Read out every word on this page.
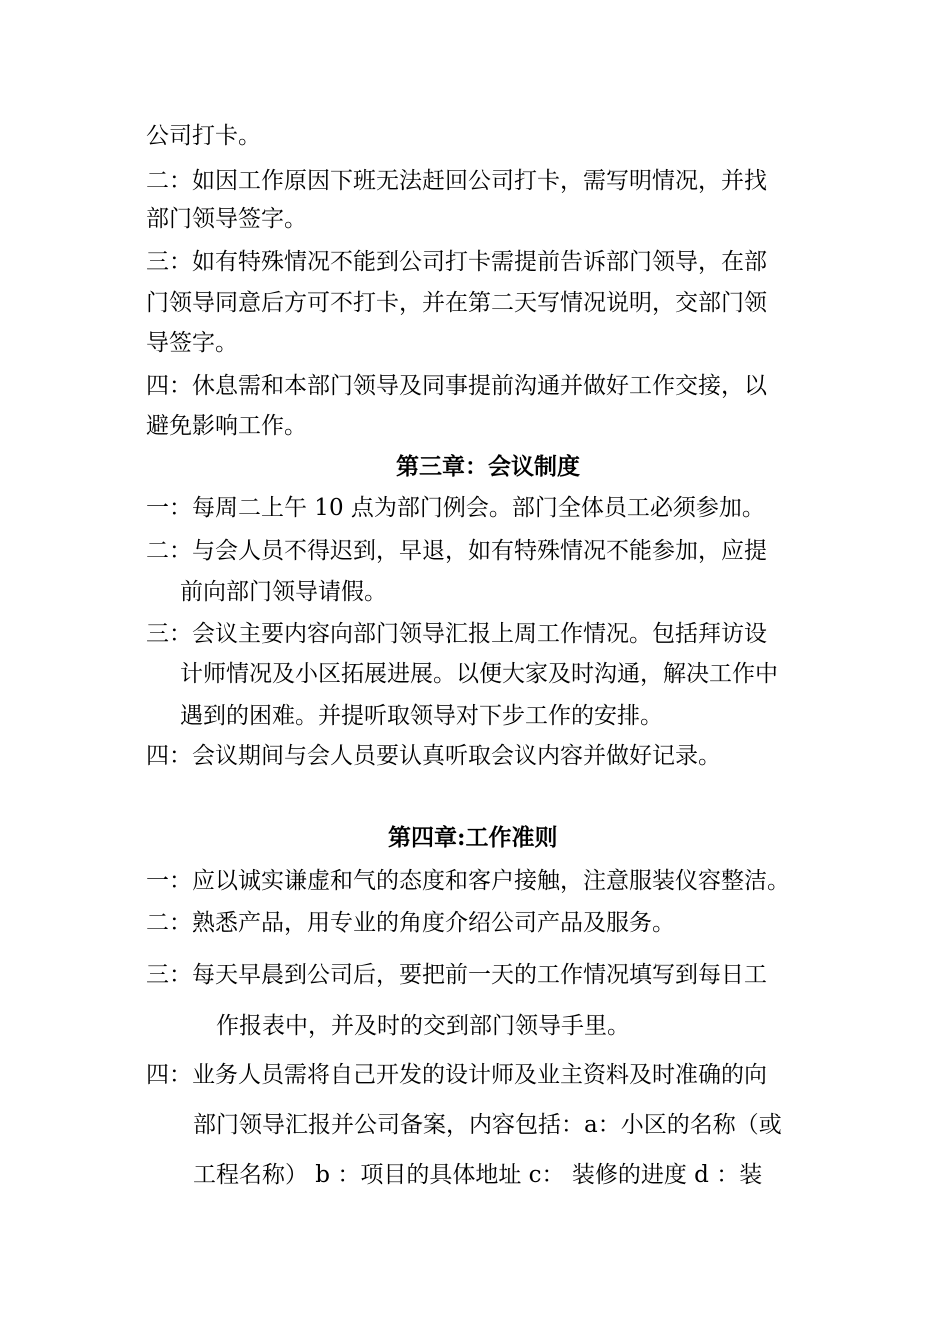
公司打卡。
二：如因工作原因下班无法赶回公司打卡，需写明情况，并找
部门领导签字。
三：如有特殊情况不能到公司打卡需提前告诉部门领导，在部
门领导同意后方可不打卡，并在第二天写情况说明，交部门领
导签字。
四：休息需和本部门领导及同事提前沟通并做好工作交接，以
避免影响工作。
第三章：会议制度
一：每周二上午 10 点为部门例会。部门全体员工必须参加。
二：与会人员不得迟到，早退，如有特殊情况不能参加，应提
前向部门领导请假。
三：会议主要内容向部门领导汇报上周工作情况。包括拜访设
计师情况及小区拓展进展。以便大家及时沟通，解决工作中
遇到的困难。并提听取领导对下步工作的安排。
四：会议期间与会人员要认真听取会议内容并做好记录。
第四章:工作准则
一：应以诚实谦虚和气的态度和客户接触，注意服装仪容整洁。
二：熟悉产品，用专业的角度介绍公司产品及服务。
三：每天早晨到公司后，要把前一天的工作情况填写到每日工
作报表中，并及时的交到部门领导手里。
四：业务人员需将自己开发的设计师及业主资料及时准确的向
部门领导汇报并公司备案，内容包括：a：小区的名称（或
工程名称） b ：项目的具体地址 c： 装修的进度 d ：装
